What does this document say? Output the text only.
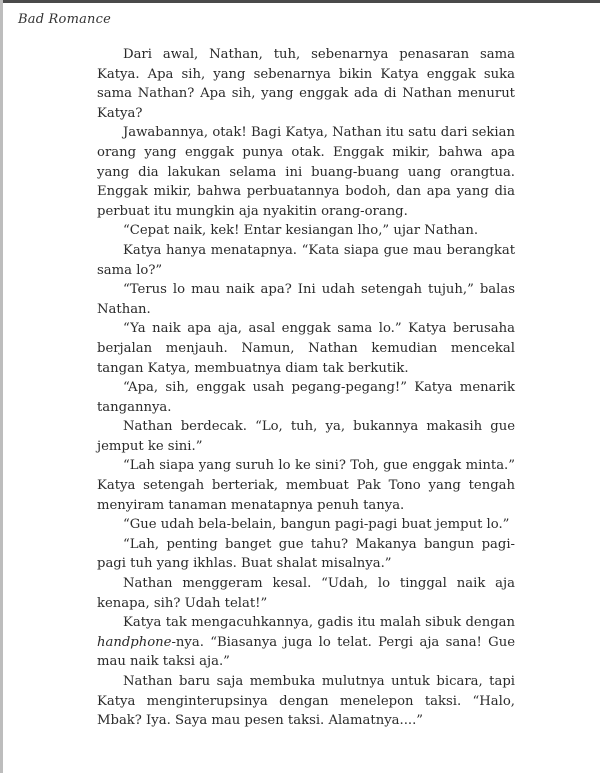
Bad Romance

Dari awal, Nathan, tuh, sebenarnya penasaran sama Katya. Apa sih, yang sebenarnya bikin Katya enggak suka sama Nathan? Apa sih, yang enggak ada di Nathan menurut Katya?

Jawabannya, otak! Bagi Katya, Nathan itu satu dari sekian orang yang enggak punya otak. Enggak mikir, bahwa apa yang dia lakukan selama ini buang-buang uang orangtua. Enggak mikir, bahwa perbuatannya bodoh, dan apa yang dia perbuat itu mungkin aja nyakitin orang-orang.

“Cepat naik, kek! Entar kesiangan lho,” ujar Nathan.

Katya hanya menatapnya. “Kata siapa gue mau berangkat sama lo?”

“Terus lo mau naik apa? Ini udah setengah tujuh,” balas Nathan.

“Ya naik apa aja, asal enggak sama lo.” Katya berusaha berjalan menjauh. Namun, Nathan kemudian mencekal tangan Katya, membuatnya diam tak berkutik.

“Apa, sih, enggak usah pegang-pegang!” Katya menarik tangannya.

Nathan berdecak. “Lo, tuh, ya, bukannya makasih gue jemput ke sini.”

“Lah siapa yang suruh lo ke sini? Toh, gue enggak minta.” Katya setengah berteriak, membuat Pak Tono yang tengah menyiram tanaman menatapnya penuh tanya.

“Gue udah bela-belain, bangun pagi-pagi buat jemput lo.”

“Lah, penting banget gue tahu? Makanya bangun pagi-pagi tuh yang ikhlas. Buat shalat misalnya.”

Nathan menggeram kesal. “Udah, lo tinggal naik aja kenapa, sih? Udah telat!”

Katya tak mengacuhkannya, gadis itu malah sibuk dengan handphone-nya. “Biasanya juga lo telat. Pergi aja sana! Gue mau naik taksi aja.”

Nathan baru saja membuka mulutnya untuk bicara, tapi Katya menginterupsinya dengan menelepon taksi. “Halo, Mbak? Iya. Saya mau pesen taksi. Alamatnya....”
